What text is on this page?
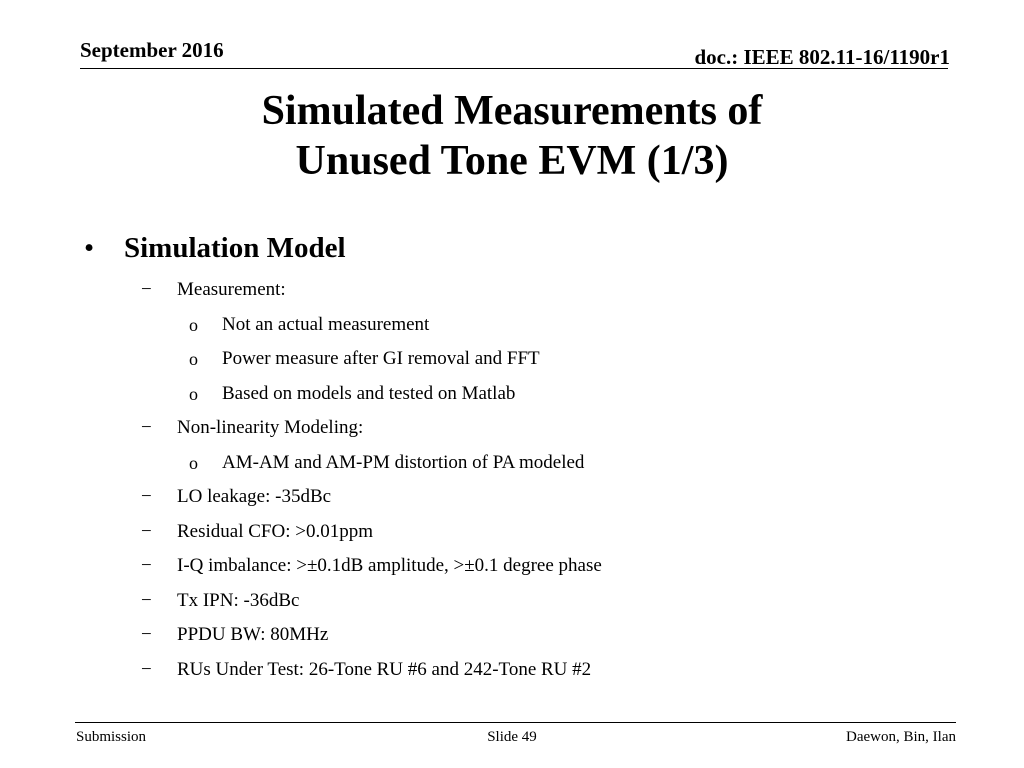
September 2016	doc.: IEEE 802.11-16/1190r1
Simulated Measurements of
Unused Tone EVM (1/3)
• Simulation Model
− Measurement:
o Not an actual measurement
o Power measure after GI removal and FFT
o Based on models and tested on Matlab
− Non-linearity Modeling:
o AM-AM and AM-PM distortion of PA modeled
− LO leakage: -35dBc
− Residual CFO: >0.01ppm
− I-Q imbalance: >±0.1dB amplitude, >±0.1 degree phase
− Tx IPN: -36dBc
− PPDU BW: 80MHz
− RUs Under Test: 26-Tone RU #6 and 242-Tone RU #2
Submission	Slide 49	Daewon, Bin, Ilan
